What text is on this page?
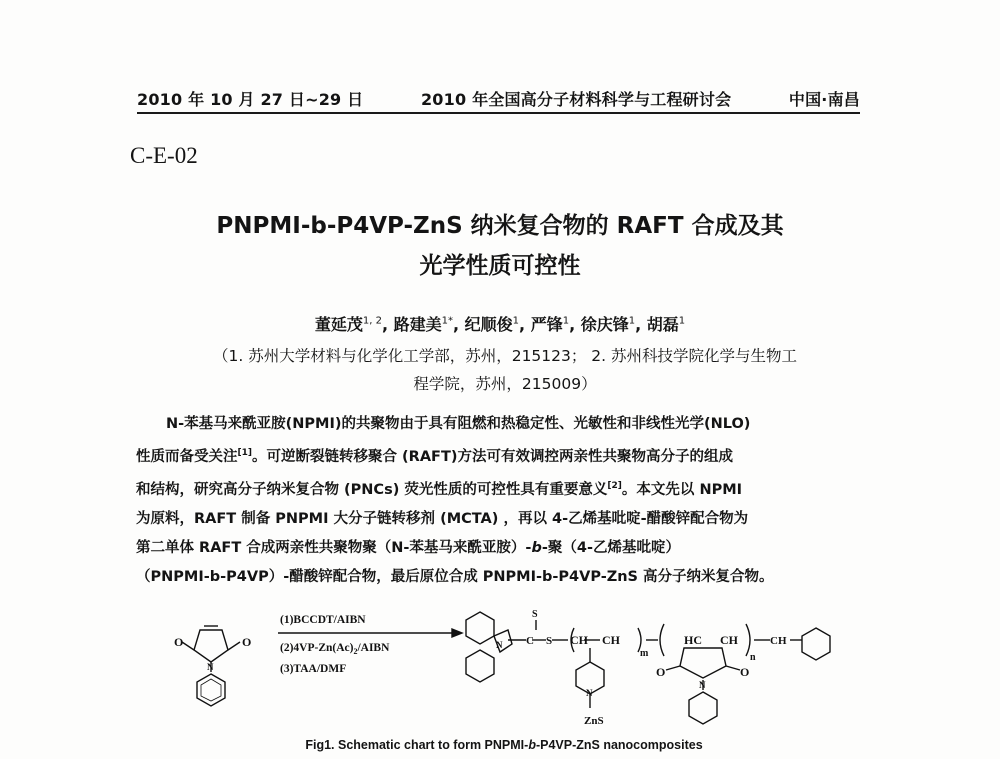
2010 年 10 月 27 日~29 日	2010 年全国高分子材料科学与工程研讨会	中国·南昌
C-E-02
PNPMI-b-P4VP-ZnS 纳米复合物的 RAFT 合成及其
光学性质可控性
董延茂$^{1, 2}$, 路建美$^{1*}$, 纪顺俊$^1$, 严锋$^1$, 徐庆锋$^1$, 胡磊$^1$
（1. 苏州大学材料与化学化工学部，苏州，215123； 2. 苏州科技学院化学与生物工
程学院，苏州，215009）

N-苯基马来酰亚胺(NPMI)的共聚物由于具有阻燃和热稳定性、光敏性和非线性光学(NLO)

性质而备受关注[1]。可逆断裂链转移聚合 (RAFT)方法可有效调控两亲性共聚物高分子的组成

和结构，研究高分子纳米复合物 (PNCs) 荧光性质的可控性具有重要意义[2]。本文先以 NPMI

为原料，RAFT 制备 PNPMI 大分子链转移剂 (MCTA) ，再以 4-乙烯基吡啶-醋酸锌配合物为

第二单体 RAFT 合成两亲性共聚物聚（N-苯基马来酰亚胺）-b-聚（4-乙烯基吡啶）

（PNPMI-b-P4VP）-醋酸锌配合物，最后原位合成 PNPMI-b-P4VP-ZnS 高分子纳米复合物。

O	O
N
(1)BCCDT/AIBN
$(2)4VP-Zn(Ac)_2$/AIBN
(3)TAA/DMF
N
S
C S CH CH
m
N
ZnS
HC CH
n
O	O
N
CH
Fig1. Schematic chart to form PNPMI-b-P4VP-ZnS nanocomposites
